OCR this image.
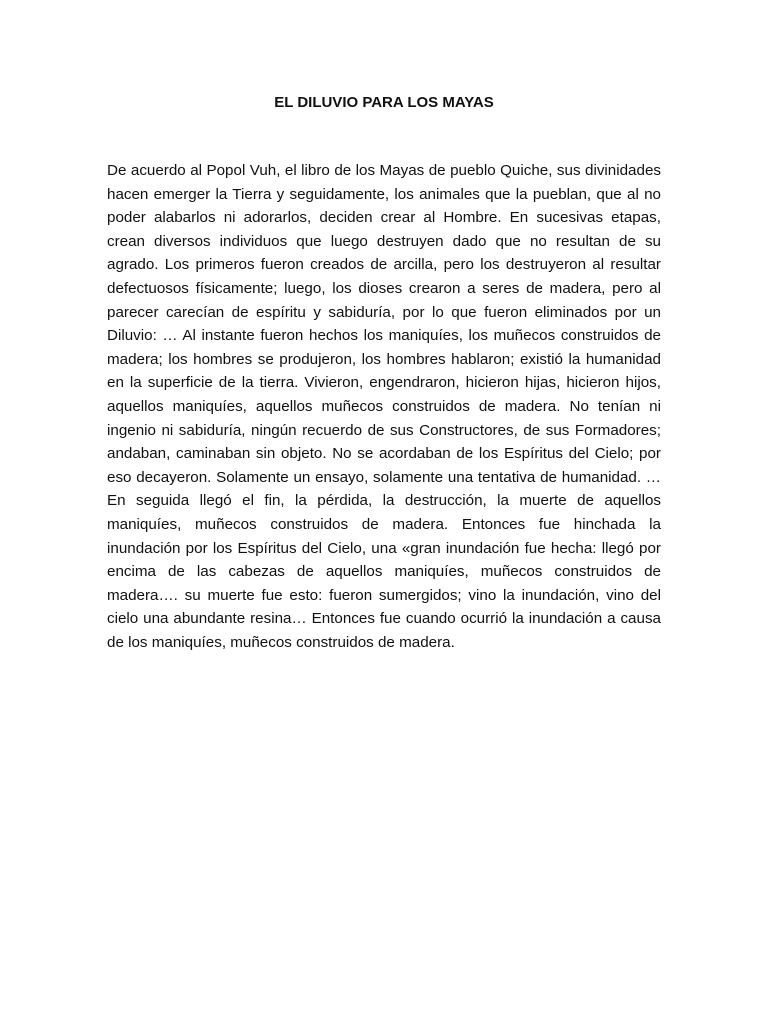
EL DILUVIO PARA LOS MAYAS

De acuerdo al Popol Vuh, el libro de los Mayas de pueblo Quiche, sus divinidades hacen emerger la Tierra y seguidamente, los animales que la pueblan, que al no poder alabarlos ni adorarlos, deciden crear al Hombre. En sucesivas etapas, crean diversos individuos que luego destruyen dado que no resultan de su agrado. Los primeros fueron creados de arcilla, pero los destruyeron al resultar defectuosos físicamente; luego, los dioses crearon a seres de madera, pero al parecer carecían de espíritu y sabiduría, por lo que fueron eliminados por un Diluvio: … Al instante fueron hechos los maniquíes, los muñecos construidos de madera; los hombres se produjeron, los hombres hablaron; existió la humanidad en la superficie de la tierra. Vivieron, engendraron, hicieron hijas, hicieron hijos, aquellos maniquíes, aquellos muñecos construidos de madera. No tenían ni ingenio ni sabiduría, ningún recuerdo de sus Constructores, de sus Formadores; andaban, caminaban sin objeto. No se acordaban de los Espíritus del Cielo; por eso decayeron. Solamente un ensayo, solamente una tentativa de humanidad. … En seguida llegó el fin, la pérdida, la destrucción, la muerte de aquellos maniquíes, muñecos construidos de madera. Entonces fue hinchada la inundación por los Espíritus del Cielo, una «gran inundación fue hecha: llegó por encima de las cabezas de aquellos maniquíes, muñecos construidos de madera…. su muerte fue esto: fueron sumergidos; vino la inundación, vino del cielo una abundante resina… Entonces fue cuando ocurrió la inundación a causa de los maniquíes, muñecos construidos de madera.
